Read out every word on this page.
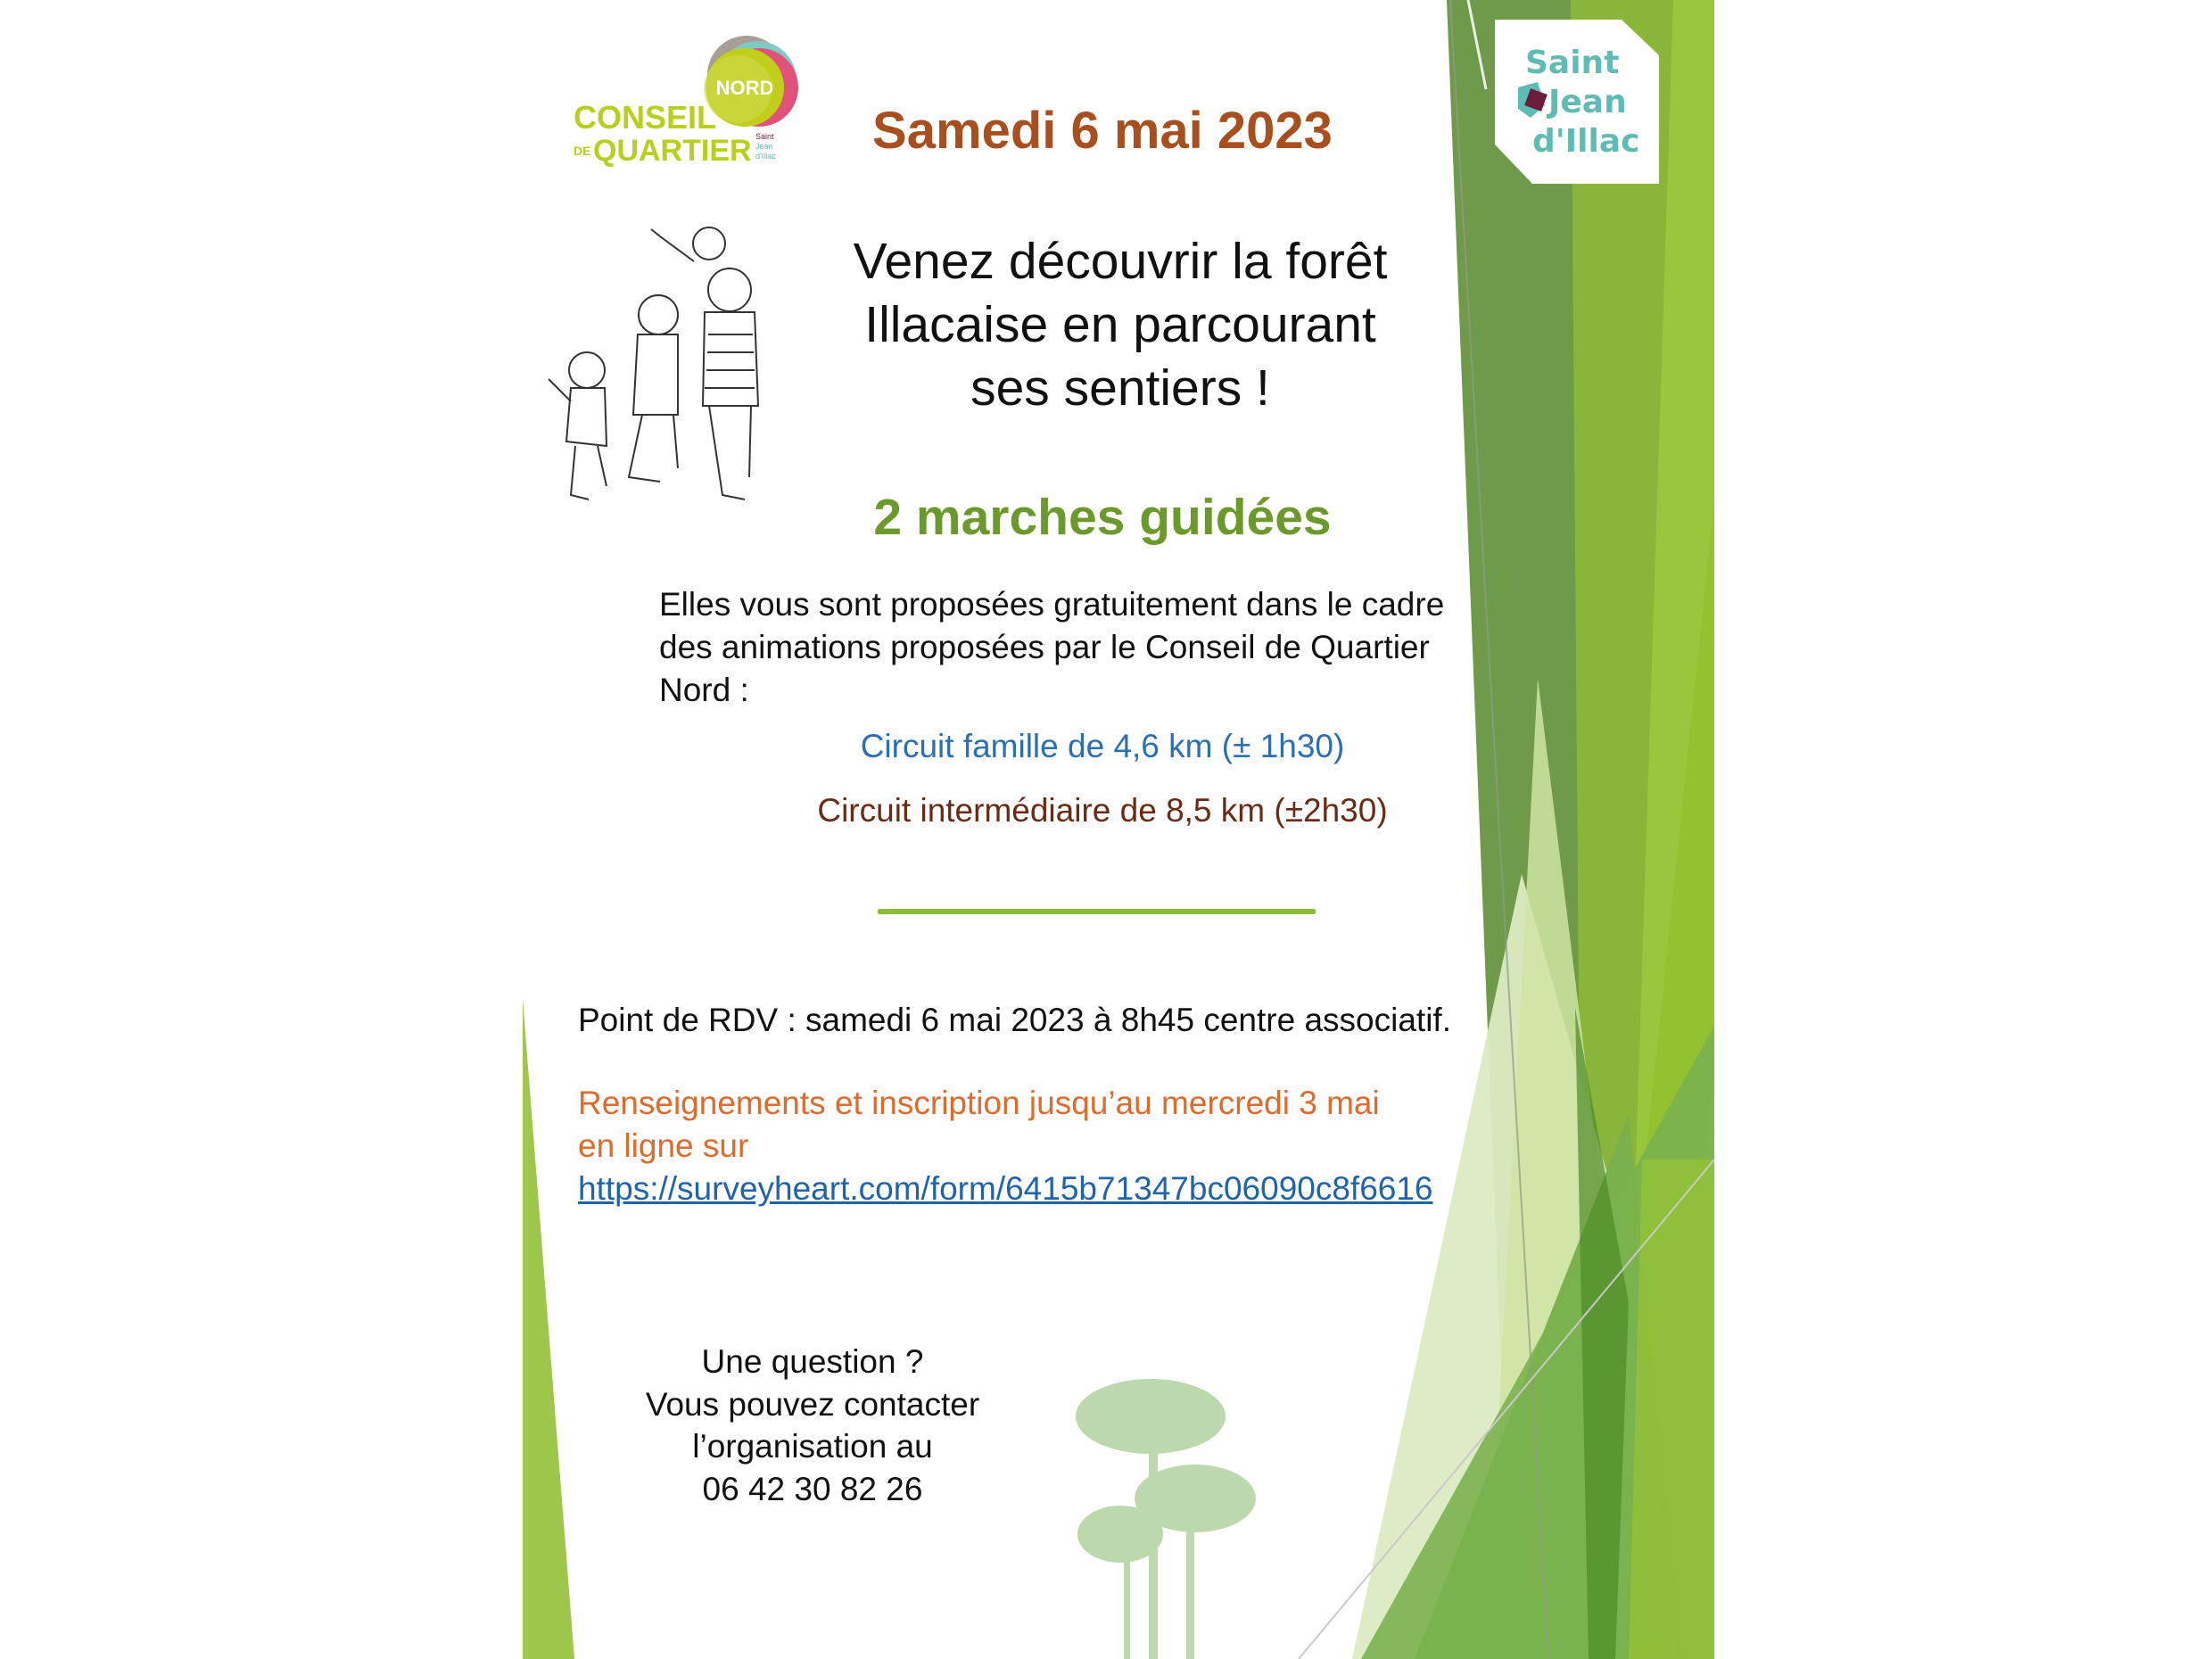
NORD
CONSEIL
DE QUARTIER Saint
Jean
d'Illac
Saint
Jean
d'Illac
Samedi 6 mai 2023
Venez découvrir la forêt
Illacaise en parcourant
ses sentiers !
2 marches guidées
Elles vous sont proposées gratuitement dans le cadre
des animations proposées par le Conseil de Quartier
Nord :
Circuit famille de 4,6 km (± 1h30)
Circuit intermédiaire de 8,5 km (±2h30)
Point de RDV : samedi 6 mai 2023 à 8h45 centre associatif.
Renseignements et inscription jusqu’au mercredi 3 mai
en ligne sur
https://surveyheart.com/form/6415b71347bc06090c8f6616
Une question ?
Vous pouvez contacter
l’organisation au
06 42 30 82 26
